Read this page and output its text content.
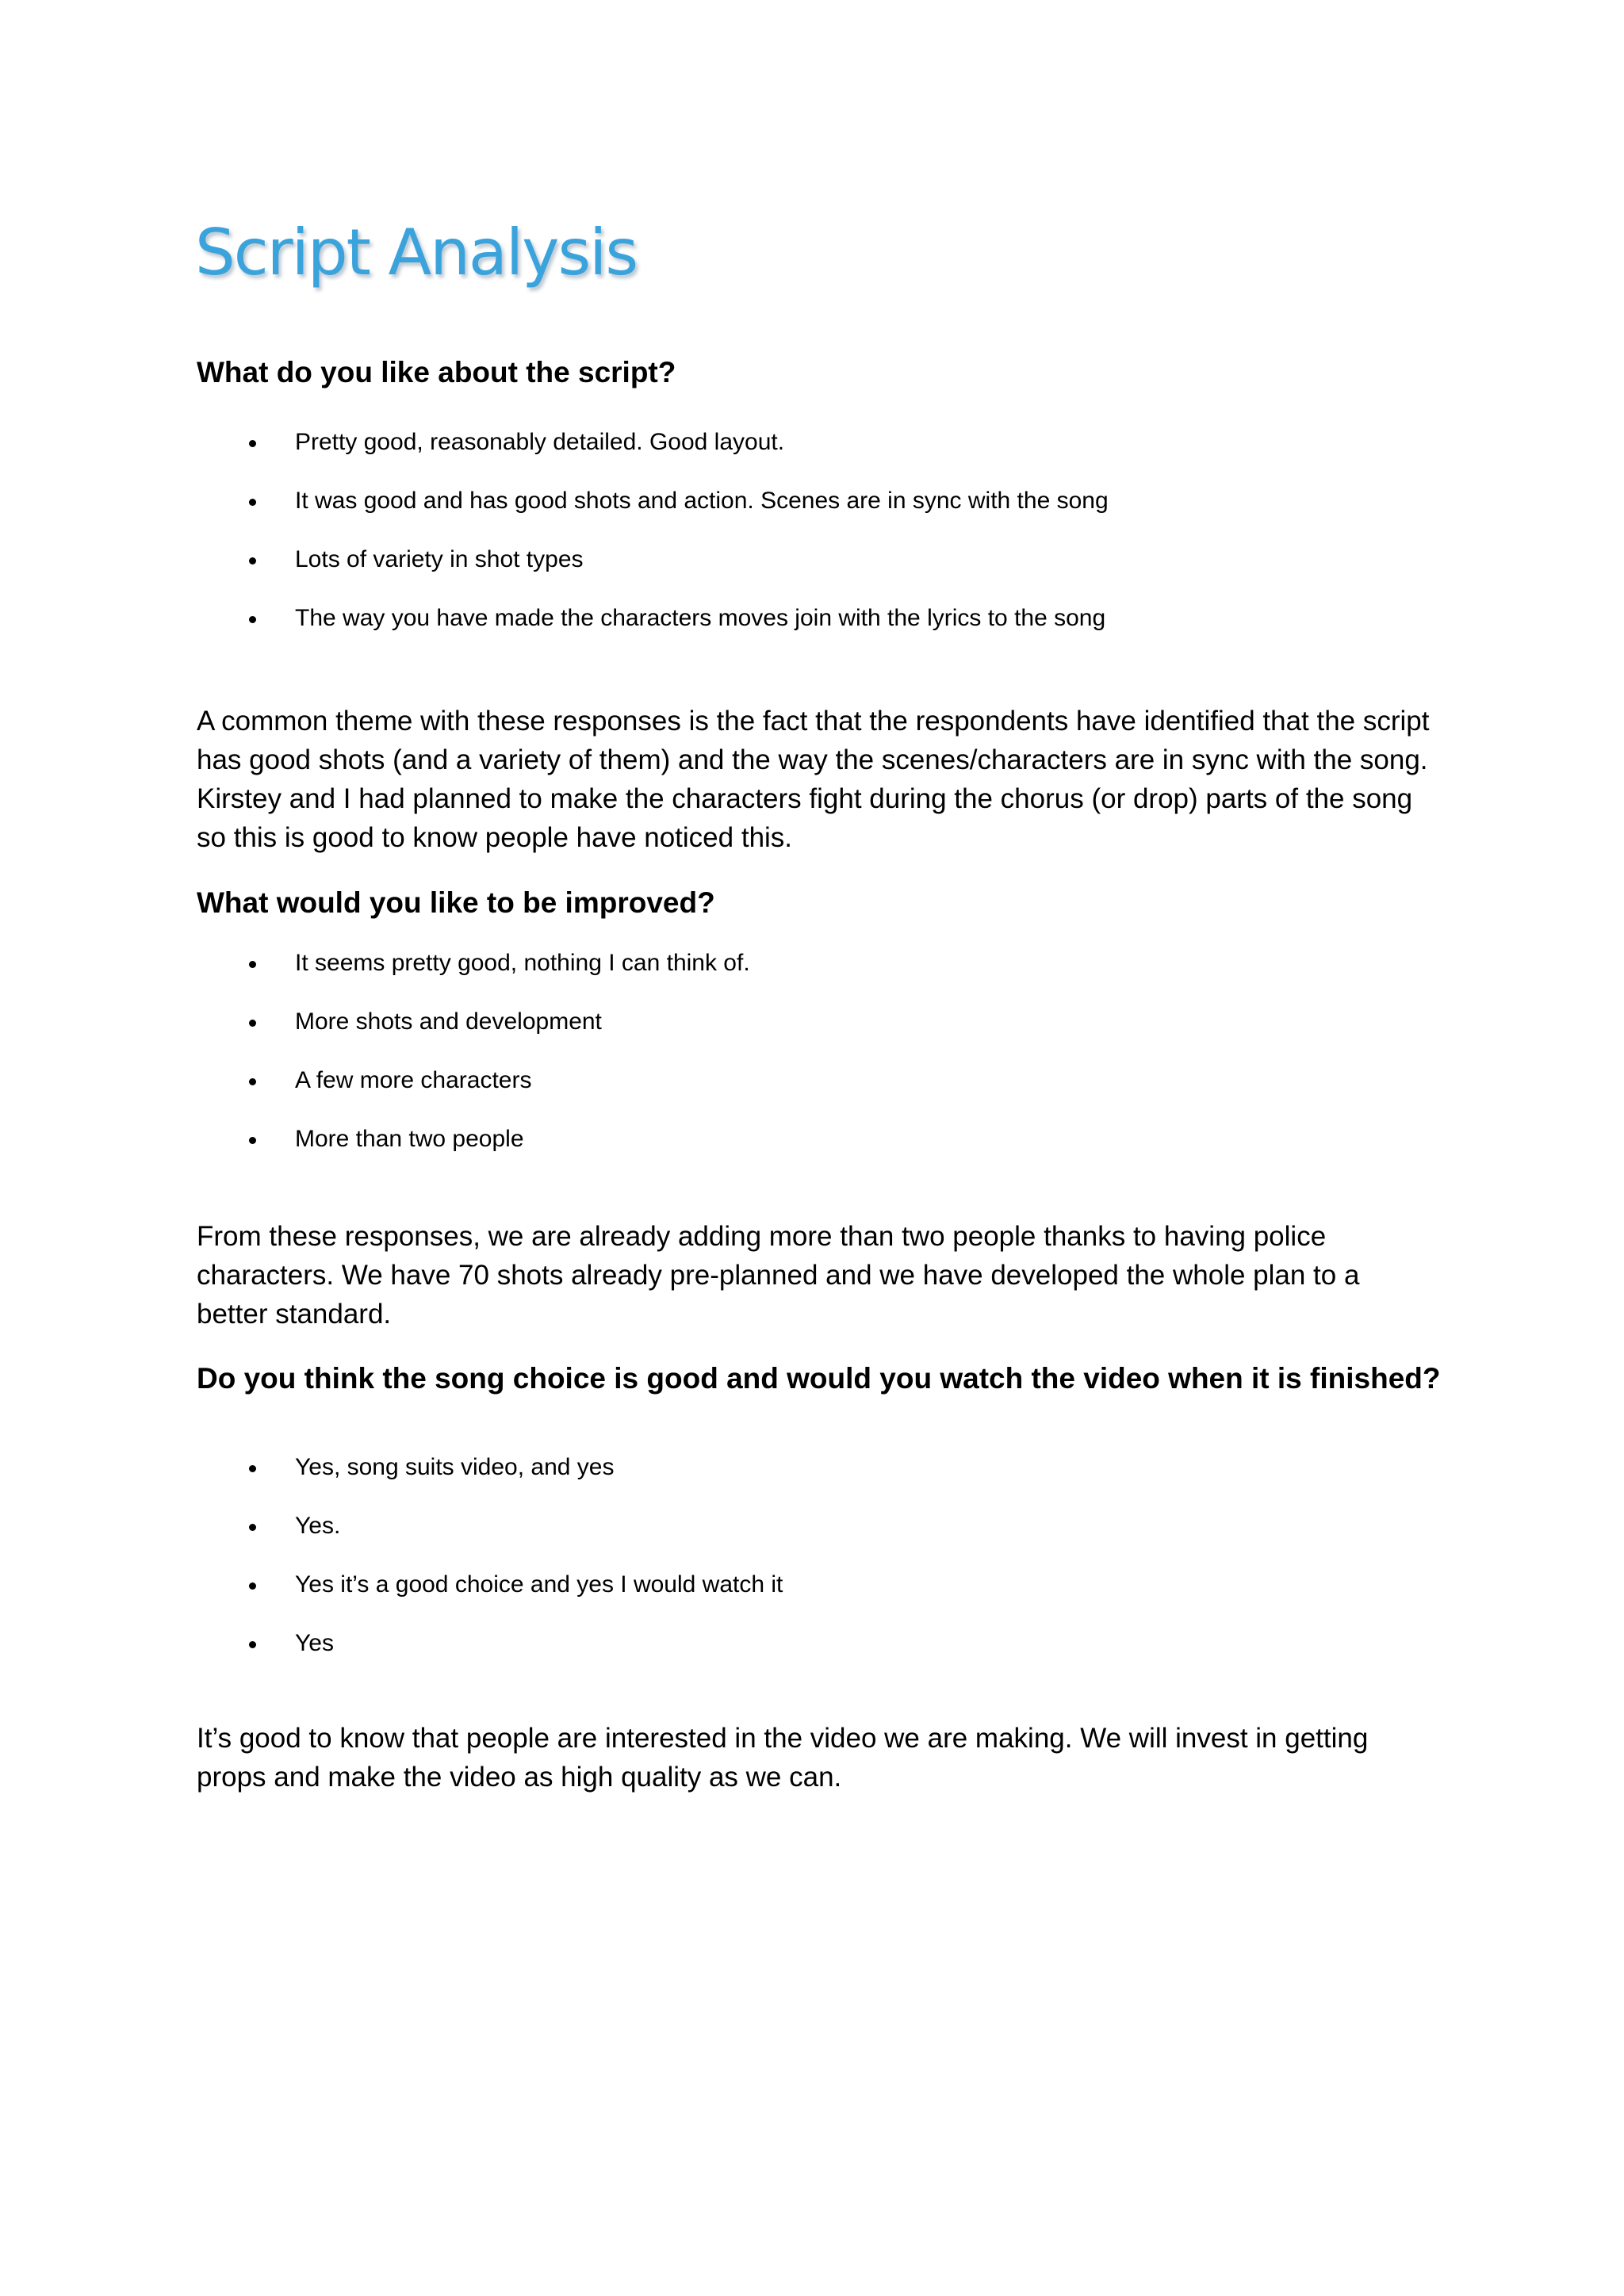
Script Analysis
What do you like about the script?
Pretty good, reasonably detailed. Good layout.
It was good and has good shots and action. Scenes are in sync with the song
Lots of variety in shot types
The way you have made the characters moves join with the lyrics to the song

A common theme with these responses is the fact that the respondents have identified that the script has good shots (and a variety of them) and the way the scenes/characters are in sync with the song. Kirstey and I had planned to make the characters fight during the chorus (or drop) parts of the song so this is good to know people have noticed this.

What would you like to be improved?
It seems pretty good, nothing I can think of.
More shots and development
A few more characters
More than two people

From these responses, we are already adding more than two people thanks to having police characters. We have 70 shots already pre-planned and we have developed the whole plan to a better standard.

Do you think the song choice is good and would you watch the video when it is finished?
Yes, song suits video, and yes
Yes.
Yes it’s a good choice and yes I would watch it
Yes

It’s good to know that people are interested in the video we are making. We will invest in getting props and make the video as high quality as we can.
